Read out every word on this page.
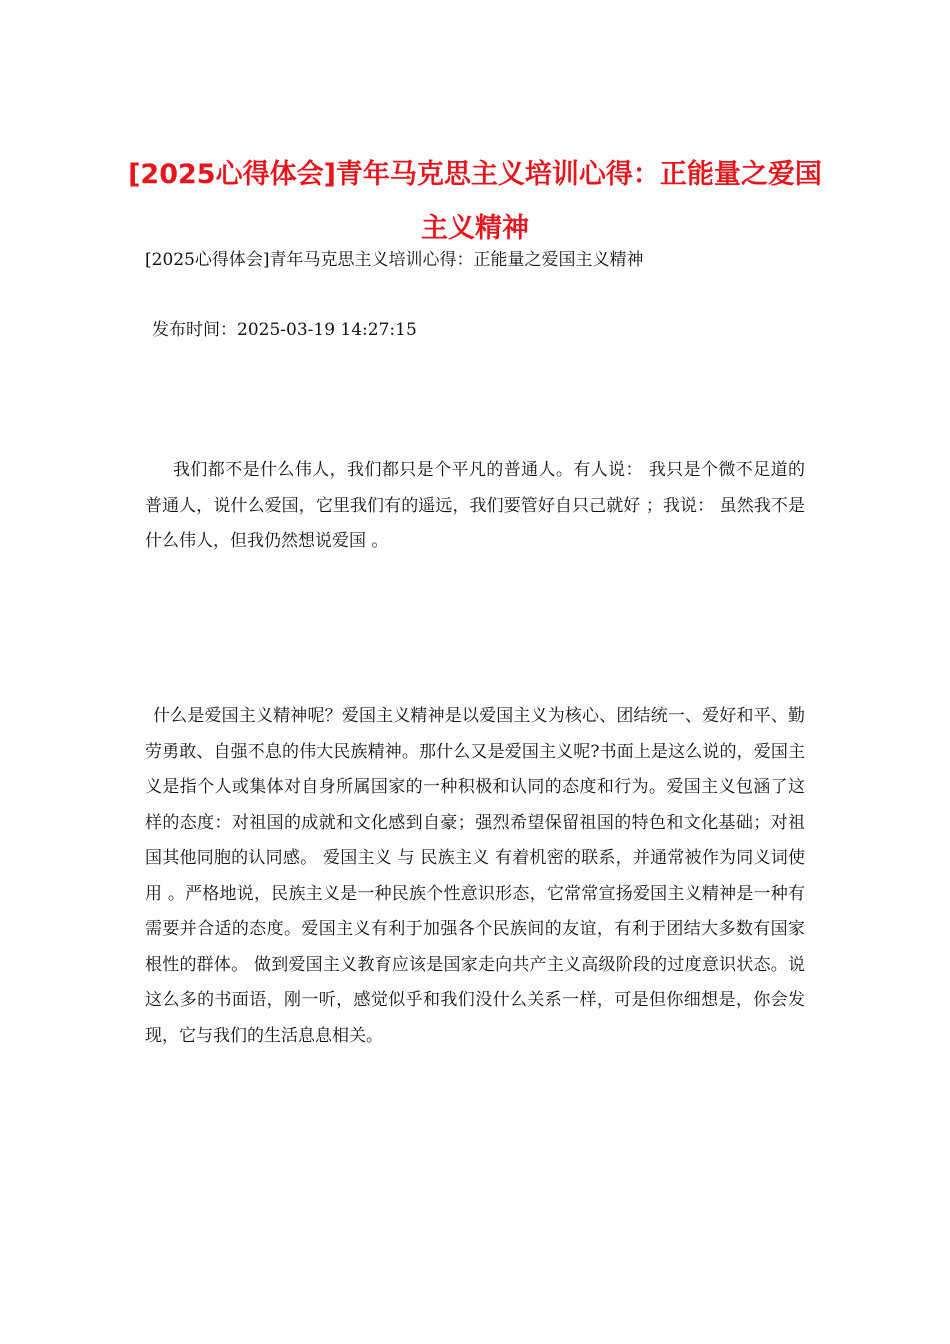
[2025心得体会]青年马克思主义培训心得：正能量之爱国主义精神

[2025心得体会]青年马克思主义培训心得：正能量之爱国主义精神

发布时间：2025-03-19 14:27:15

我们都不是什么伟人，我们都只是个平凡的普通人。有人说： 我只是个微不足道的普通人，说什么爱国，它里我们有的遥远，我们要管好自只己就好 ；我说： 虽然我不是什么伟人，但我仍然想说爱国 。

什么是爱国主义精神呢？爱国主义精神是以爱国主义为核心、团结统一、爱好和平、勤劳勇敢、自强不息的伟大民族精神。那什么又是爱国主义呢?书面上是这么说的，爱国主义是指个人或集体对自身所属国家的一种积极和认同的态度和行为。爱国主义包涵了这样的态度：对祖国的成就和文化感到自豪；强烈希望保留祖国的特色和文化基础；对祖国其他同胞的认同感。 爱国主义 与 民族主义 有着机密的联系，并通常被作为同义词使用 。严格地说，民族主义是一种民族个性意识形态，它常常宣扬爱国主义精神是一种有需要并合适的态度。爱国主义有利于加强各个民族间的友谊，有利于团结大多数有国家根性的群体。 做到爱国主义教育应该是国家走向共产主义高级阶段的过度意识状态。说这么多的书面语，刚一听，感觉似乎和我们没什么关系一样，可是但你细想是，你会发现，它与我们的生活息息相关。
